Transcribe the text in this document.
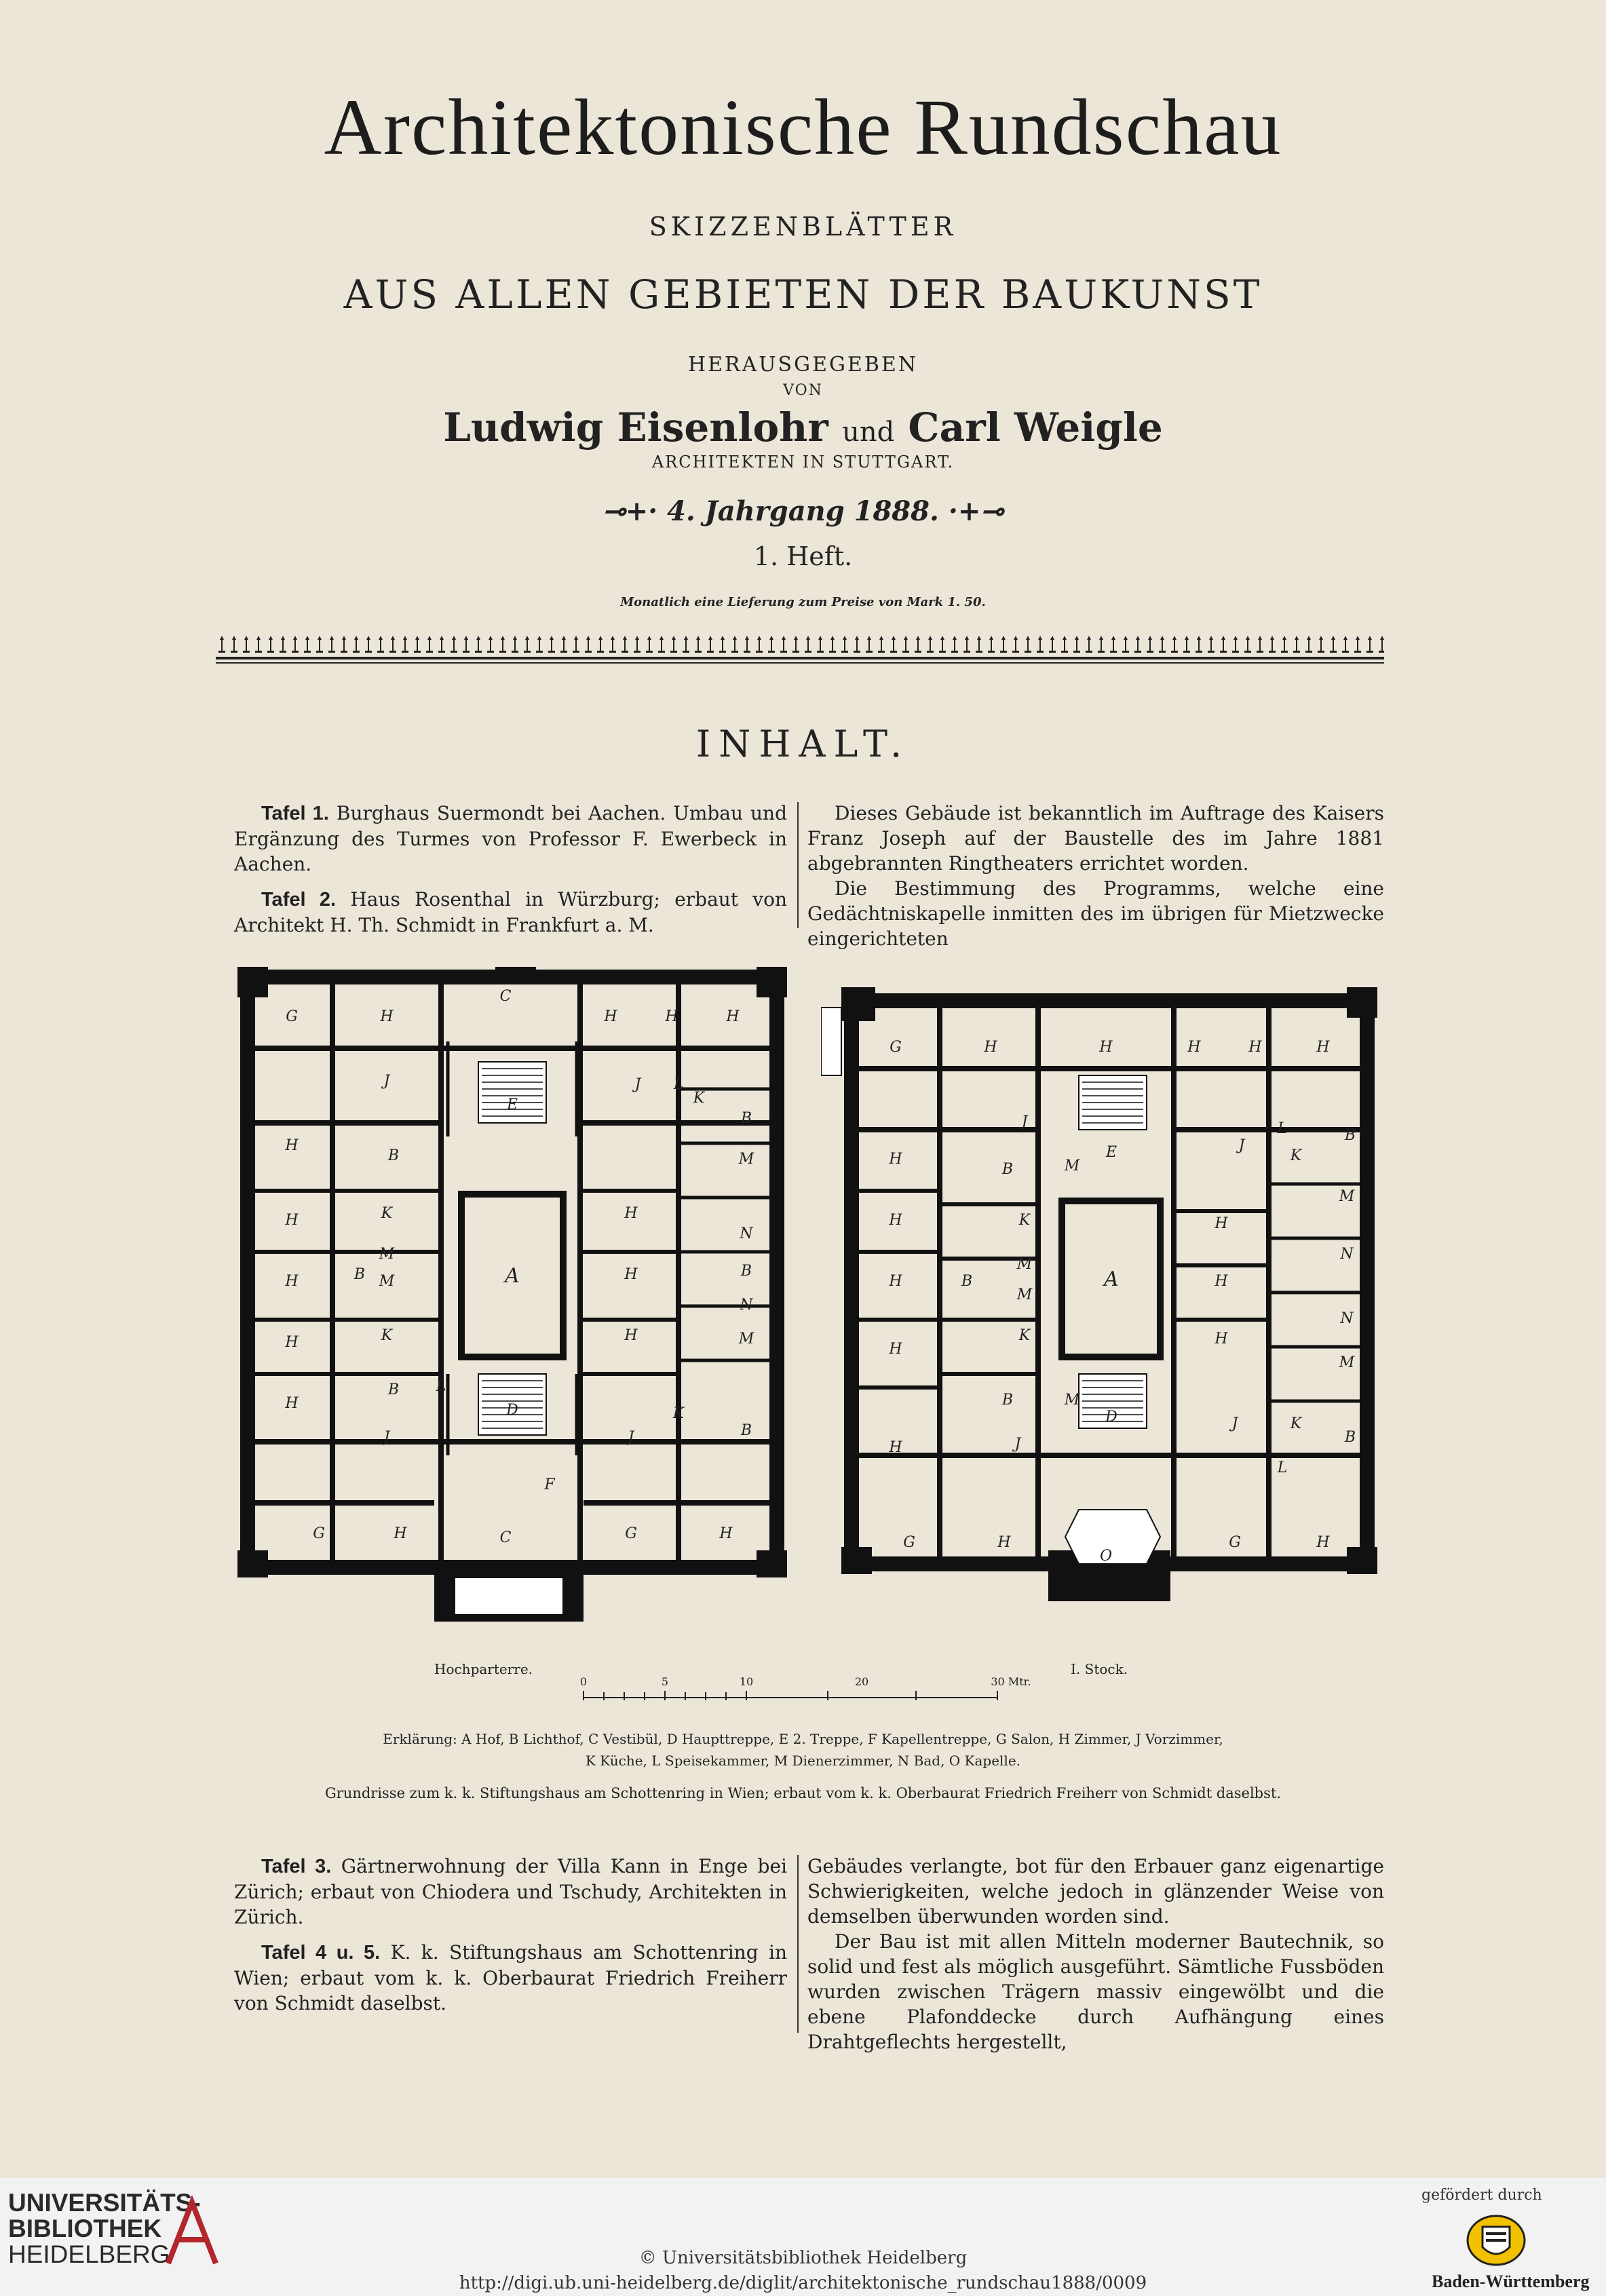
Architektonische Rundschau
SKIZZENBLÄTTER
AUS ALLEN GEBIETEN DER BAUKUNST
HERAUSGEGEBEN
VON
Ludwig Eisenlohr und Carl Weigle
ARCHITEKTEN IN STUTTGART.
⊸+· 4. Jahrgang 1888. ·+⊸
1. Heft.
Monatlich eine Lieferung zum Preise von Mark 1. 50.
INHALT.

Tafel 1. Burghaus Suermondt bei Aachen. Umbau und Ergänzung des Turmes von Professor F. Ewerbeck in Aachen.

Tafel 2. Haus Rosenthal in Würzburg; erbaut von Architekt H. Th. Schmidt in Frankfurt a. M.

Dieses Gebäude ist bekanntlich im Auftrage des Kaisers Franz Joseph auf der Baustelle des im Jahre 1881 abgebrannten Ringtheaters errichtet worden.

Die Bestimmung des Programms, welche eine Gedächtniskapelle inmitten des im übrigen für Mietzwecke eingerichteten

A
C
C
E
D
F
G
G	G
H	H	H	H
H
H
H
H
H
H
H
H
H	H
J	J
J	J
K
K
K
K
L
L
M
M
M
M
N
N
B
B
B
B
B
B
A
D
E
O
G
G	G
H	H	H	H	H
H
H
H
H
H
H
H
H
H	H
J
J
J
J
K
K
K
K
L
L
M
M
M
M
M
M
N
N
B
B
B
B
B
Hochparterre.	I. Stock.
0	5	10	20	30 Mtr.
Erklärung: A Hof, B Lichthof, C Vestibül, D Haupttreppe, E 2. Treppe, F Kapellentreppe, G Salon, H Zimmer, J Vorzimmer,
K Küche, L Speisekammer, M Dienerzimmer, N Bad, O Kapelle.
Grundrisse zum k. k. Stiftungshaus am Schottenring in Wien; erbaut vom k. k. Oberbaurat Friedrich Freiherr von Schmidt daselbst.

Tafel 3. Gärtnerwohnung der Villa Kann in Enge bei Zürich; erbaut von Chiodera und Tschudy, Architekten in Zürich.

Tafel 4 u. 5. K. k. Stiftungshaus am Schottenring in Wien; erbaut vom k. k. Oberbaurat Friedrich Freiherr von Schmidt daselbst.

Gebäudes verlangte, bot für den Erbauer ganz eigenartige Schwierigkeiten, welche jedoch in glänzender Weise von demselben überwunden worden sind.

Der Bau ist mit allen Mitteln moderner Bautechnik, so solid und fest als möglich ausgeführt. Sämtliche Fussböden wurden zwischen Trägern massiv eingewölbt und die ebene Plafonddecke durch Aufhängung eines Drahtgeflechts hergestellt,

UNIVERSITÄTS-
BIBLIOTHEK
HEIDELBERG	© Universitätsbibliothek Heidelberg
http://digi.ub.uni-heidelberg.de/diglit/architektonische_rundschau1888/0009
gefördert durch
Baden-Württemberg
